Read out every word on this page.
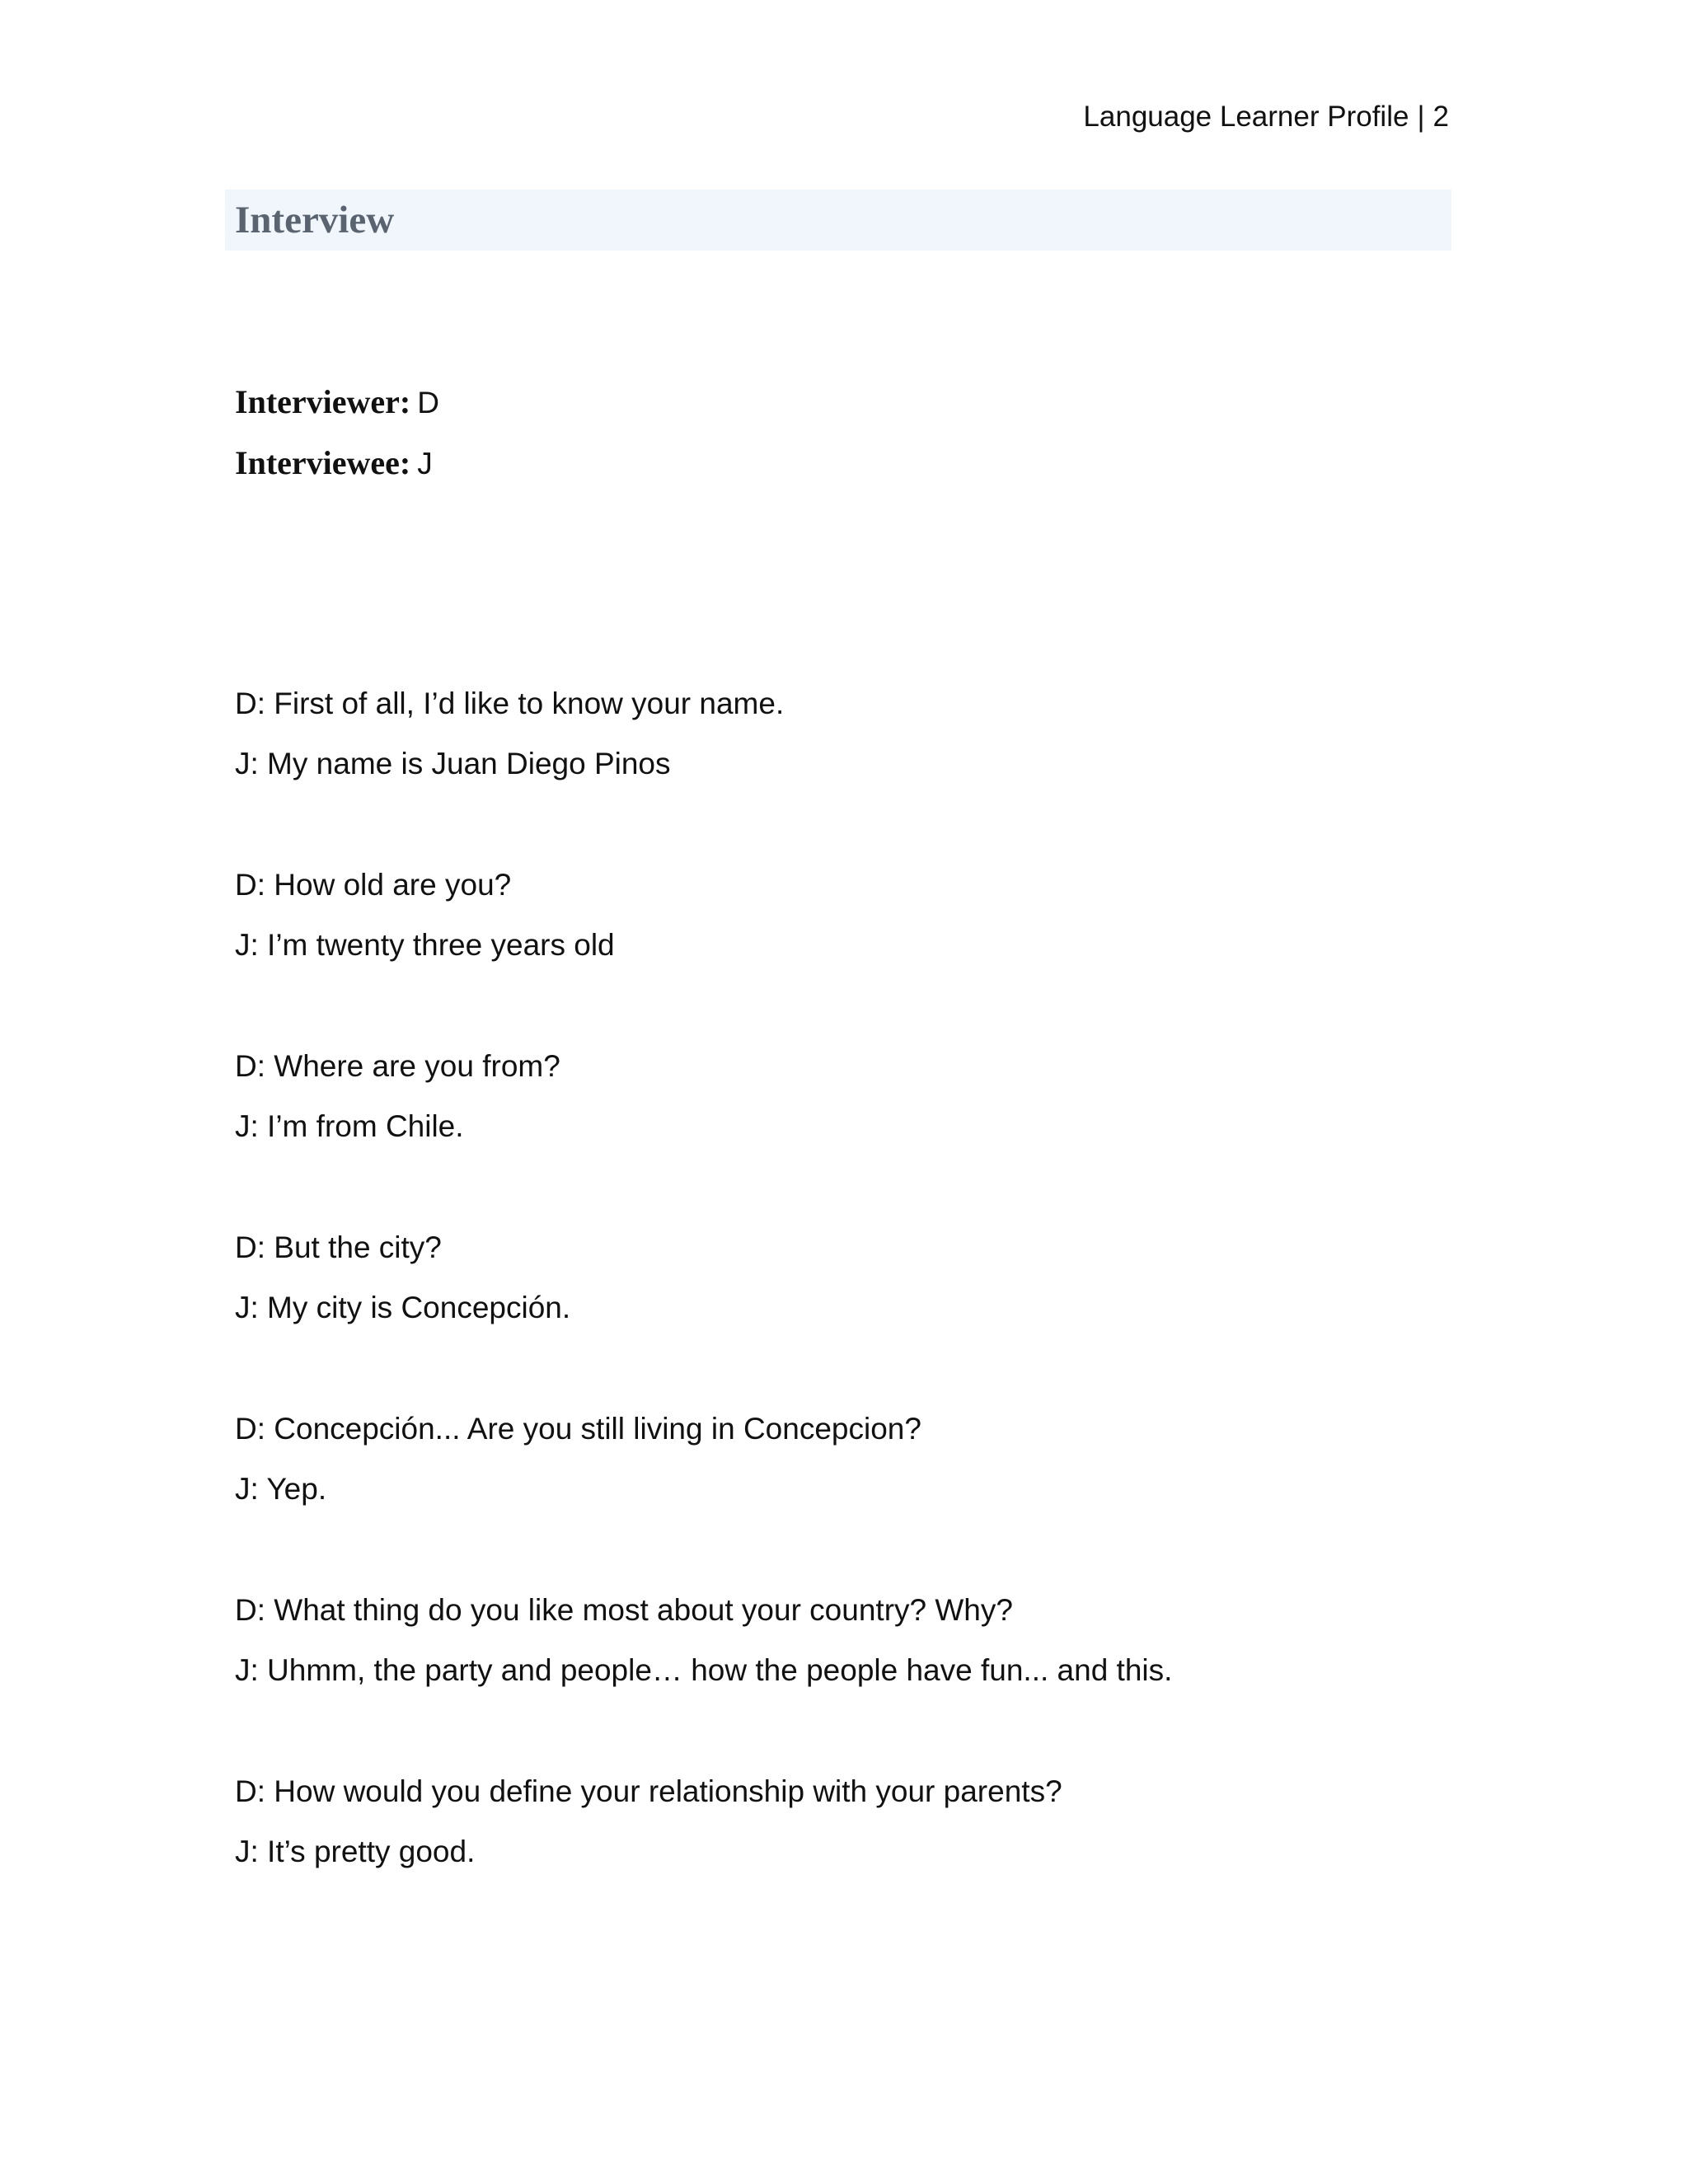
Language Learner Profile | 2
Interview
Interviewer: D
Interviewee: J
D: First of all, I’d like to know your name.
J: My name is Juan Diego Pinos
D: How old are you?
J: I’m twenty three years old
D: Where are you from?
J: I’m from Chile.
D: But the city?
J: My city is Concepción.
D: Concepción... Are you still living in Concepcion?
J: Yep.
D: What thing do you like most about your country? Why?
J: Uhmm, the party and people… how the people have fun... and this.
D: How would you define your relationship with your parents?
J: It’s pretty good.
